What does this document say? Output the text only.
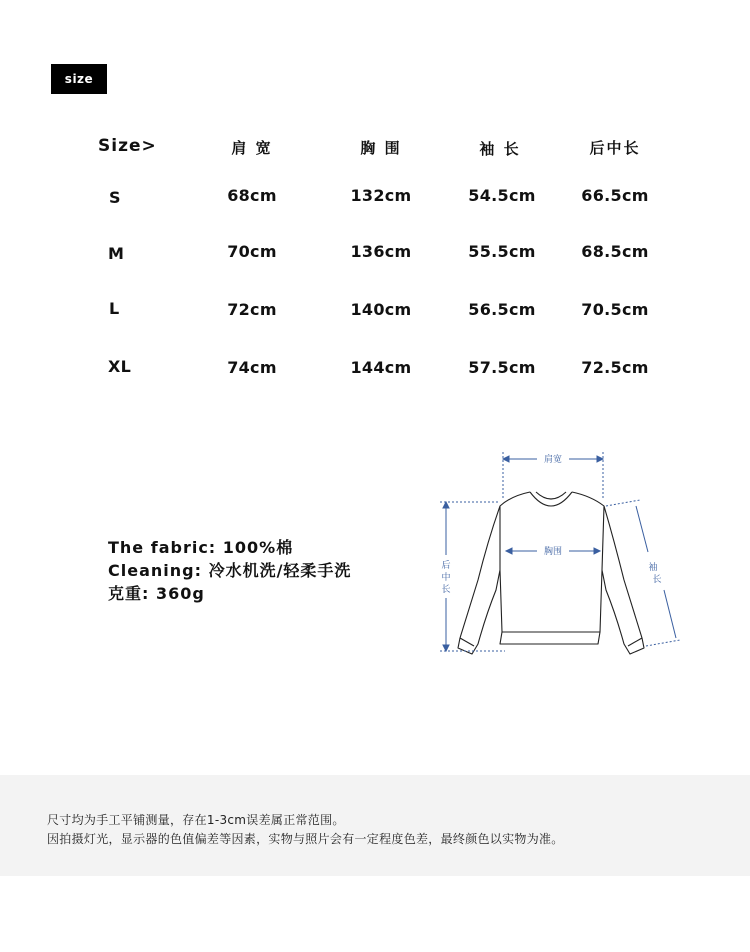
size
Size>	肩 宽	胸 围	袖 长	后中长
S	68cm	132cm	54.5cm	66.5cm
M	70cm	136cm	55.5cm	68.5cm
L	72cm	140cm	56.5cm	70.5cm
XL	74cm	144cm	57.5cm	72.5cm
The fabric: 100%棉
Cleaning: 冷水机洗/轻柔手洗
克重: 360g
肩宽
胸围
后
中
长
袖
长
尺寸均为手工平铺测量，存在1-3cm误差属正常范围。
因拍摄灯光，显示器的色值偏差等因素，实物与照片会有一定程度色差，最终颜色以实物为准。
